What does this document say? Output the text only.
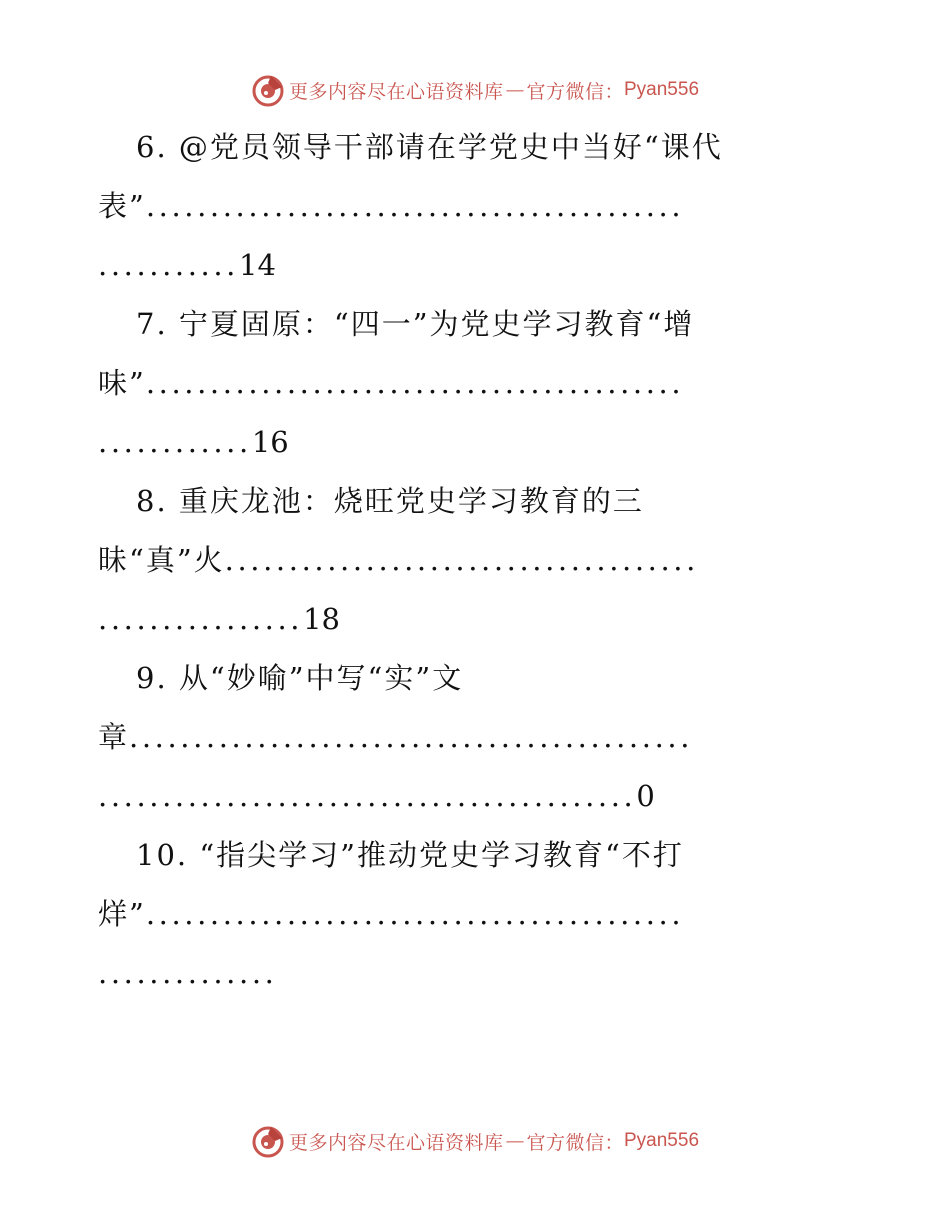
更多内容尽在心语资料库 — 官方微信： Pyan556
6. @党员领导干部请在学党史中当好“课代
表”..........................................
...........14
7. 宁夏固原：“四一”为党史学习教育“增
味”..........................................
............16
8. 重庆龙池：烧旺党史学习教育的三
昧“真”火.....................................
................18
9. 从“妙喻”中写“实”文
章............................................
..........................................0
10. “指尖学习”推动党史学习教育“不打
烊”..........................................
..............
更多内容尽在心语资料库 — 官方微信： Pyan556
